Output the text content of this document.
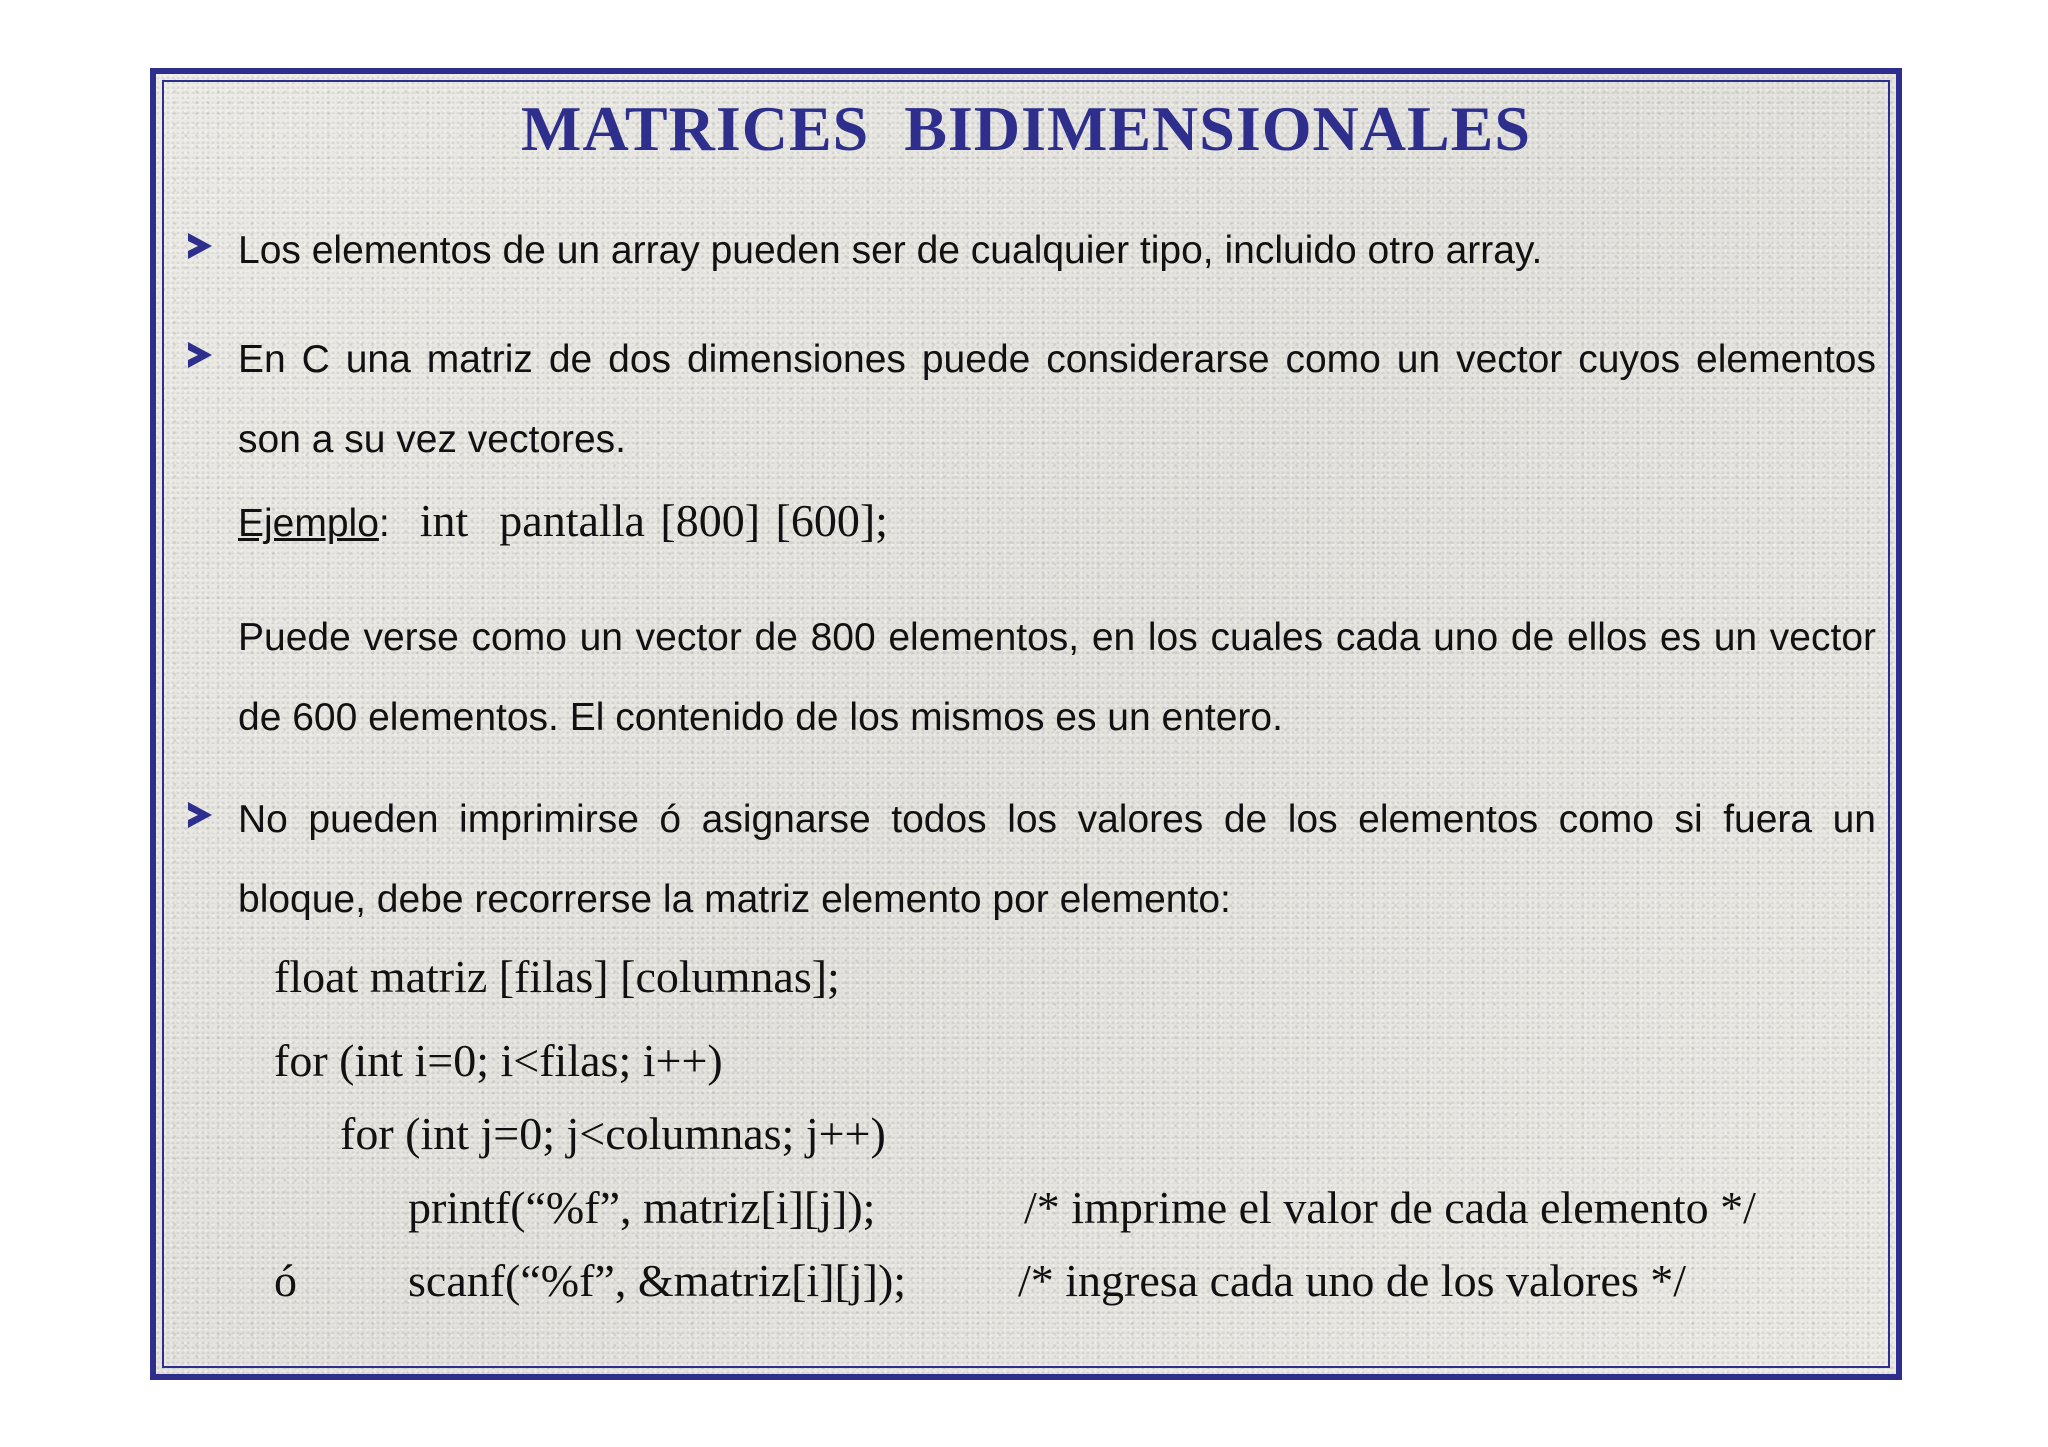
MATRICES BIDIMENSIONALES
Los elementos de un array pueden ser de cualquier tipo, incluido otro array.
En C una matriz de dos dimensiones puede considerarse como un vector cuyos elementos son a su vez vectores.
Ejemplo: int  pantalla [800] [600];
Puede verse como un vector de 800 elementos, en los cuales cada uno de ellos es un vector de 600 elementos. El contenido de los mismos es un entero.
No pueden imprimirse ó asignarse todos los valores de los elementos como si fuera un bloque, debe recorrerse la matriz elemento por elemento:
float matriz [filas] [columnas];
for (int i=0; i<filas; i++)
for (int j=0; j<columnas; j++)
printf(“%f”, matriz[i][j]);	/* imprime el valor de cada elemento */
ó scanf(“%f”, &matriz[i][j]); /* ingresa cada uno de los valores */
